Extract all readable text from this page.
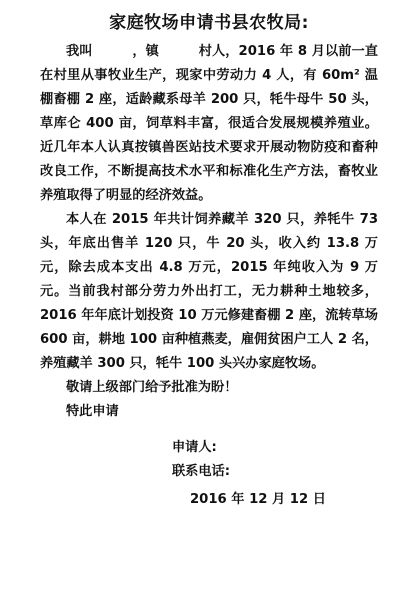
家庭牧场申请书县农牧局:

我叫　　　，镇　　　村人，2016 年 8 月以前一直在村里从事牧业生产，现家中劳动力 4 人，有 60m² 温棚畜棚 2 座，适龄藏系母羊 200 只，牦牛母牛 50 头，草库仑 400 亩，饲草料丰富，很适合发展规模养殖业。近几年本人认真按镇兽医站技术要求开展动物防疫和畜种改良工作，不断提高技术水平和标准化生产方法，畜牧业养殖取得了明显的经济效益。

本人在 2015 年共计饲养藏羊 320 只，养牦牛 73 头，年底出售羊 120 只，牛 20 头，收入约 13.8 万元，除去成本支出 4.8 万元，2015 年纯收入为 9 万元。当前我村部分劳力外出打工，无力耕种土地较多，2016 年年底计划投资 10 万元修建畜棚 2 座，流转草场 600 亩，耕地 100 亩种植燕麦，雇佣贫困户工人 2 名，养殖藏羊 300 只，牦牛 100 头兴办家庭牧场。

敬请上级部门给予批准为盼！

特此申请

申请人:

联系电话:

2016 年 12 月 12 日
